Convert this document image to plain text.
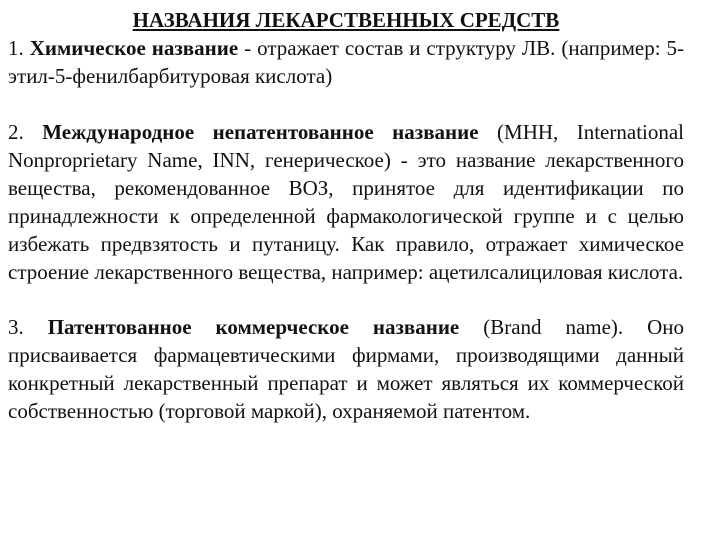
НАЗВАНИЯ ЛЕКАРСТВЕННЫХ СРЕДСТВ

1. Химическое название - отражает состав и структуру ЛВ. (например: 5-этил-5-фенилбарбитуровая кислота)

2. Международное непатентованное название (МНН, International Nonproprietary Name, INN, генерическое) - это название лекарственного вещества, рекомендованное ВОЗ, принятое для идентификации по принадлежности к определенной фармакологической группе и с целью избежать предвзятость и путаницу. Как правило, отражает химическое строение лекарственного вещества, например: ацетилсалициловая кислота.

3. Патентованное коммерческое название (Brand name). Оно присваивается фармацевтическими фирмами, производящими данный конкретный лекарственный препарат и может являться их коммерческой собственностью (торговой маркой), охраняемой патентом.
